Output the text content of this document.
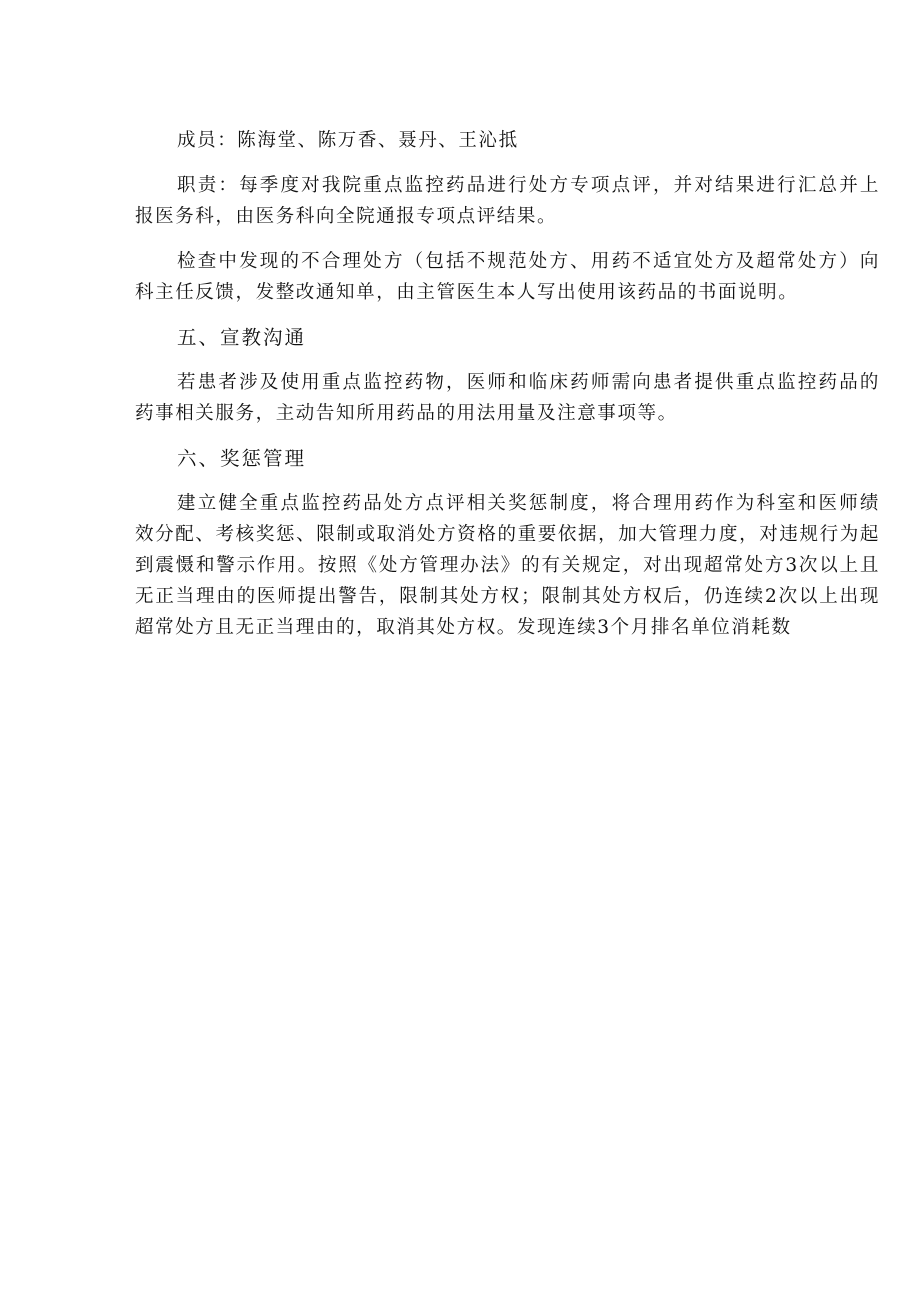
成员：陈海堂、陈万香、聂丹、王沁抵

职责：每季度对我院重点监控药品进行处方专项点评，并对结果进行汇总并上报医务科，由医务科向全院通报专项点评结果。

检查中发现的不合理处方（包括不规范处方、用药不适宜处方及超常处方）向科主任反馈，发整改通知单，由主管医生本人写出使用该药品的书面说明。

五、宣教沟通

若患者涉及使用重点监控药物，医师和临床药师需向患者提供重点监控药品的药事相关服务，主动告知所用药品的用法用量及注意事项等。

六、奖惩管理

建立健全重点监控药品处方点评相关奖惩制度，将合理用药作为科室和医师绩效分配、考核奖惩、限制或取消处方资格的重要依据，加大管理力度，对违规行为起到震慑和警示作用。按照《处方管理办法》的有关规定，对出现超常处方3次以上且无正当理由的医师提出警告，限制其处方权；限制其处方权后，仍连续2次以上出现超常处方且无正当理由的，取消其处方权。发现连续3个月排名单位消耗数
